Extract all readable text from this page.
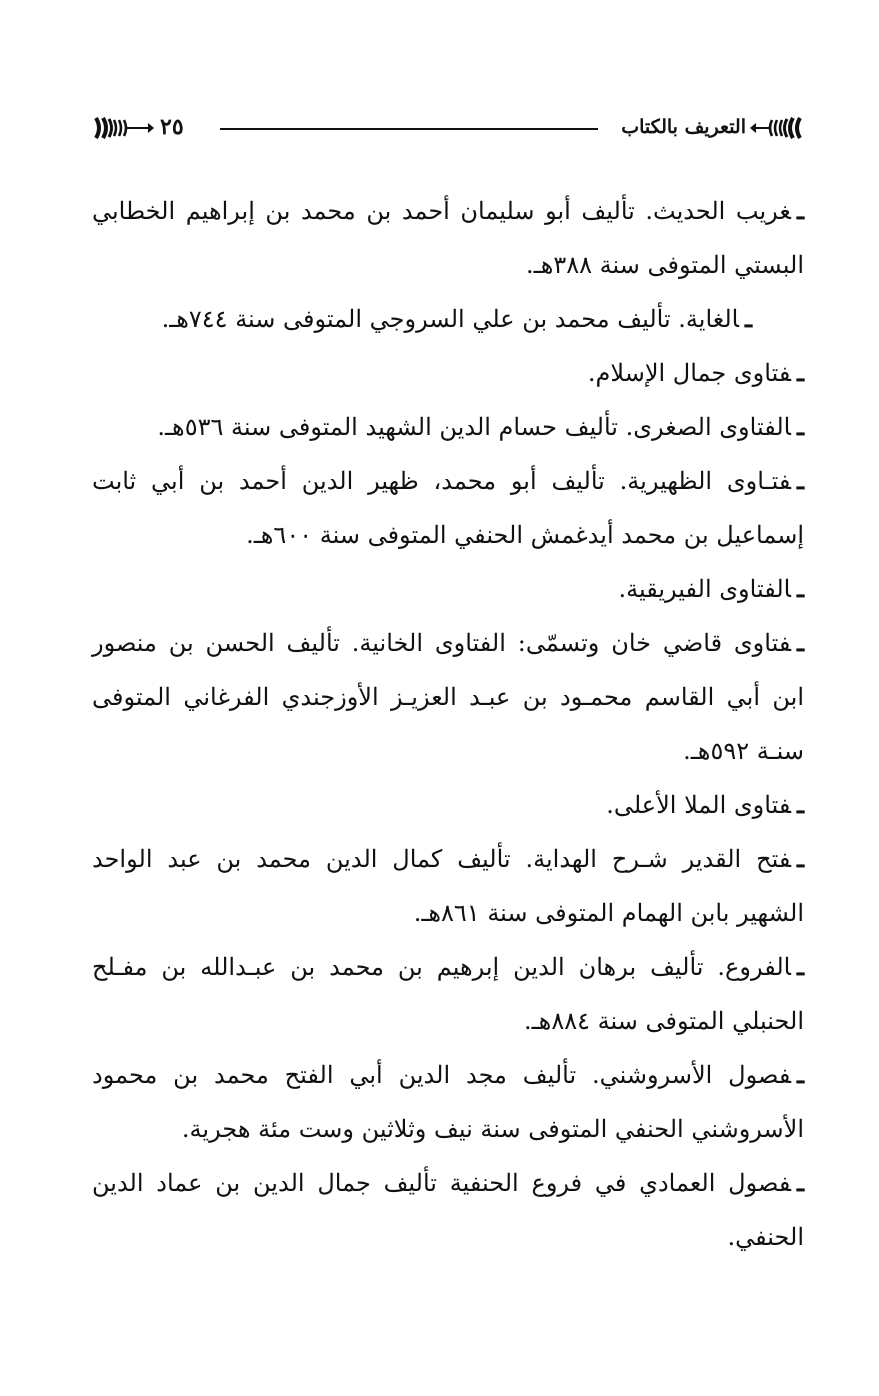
التعريف بالكتاب
٢٥

ـغريب الحديث. تأليف أبو سليمان أحمد بن محمد بن إبراهيم الخطابي البستي المتوفى سنة ٣٨٨هـ.

ـالغاية. تأليف محمد بن علي السروجي المتوفى سنة ٧٤٤هـ.

ـفتاوى جمال الإسلام.

ـالفتاوى الصغرى. تأليف حسام الدين الشهيد المتوفى سنة ٥٣٦هـ.

ـفتـاوى الظهيرية. تأليف أبو محمد، ظهير الدين أحمد بن أبي ثابت إسماعيل بن محمد أيدغمش الحنفي المتوفى سنة ٦٠٠هـ.

ـالفتاوى الفيريقية.

ـفتاوى قاضي خان وتسمّى: الفتاوى الخانية. تأليف الحسن بن منصور ابن أبي القاسم محمـود بن عبـد العزيـز الأوزجندي الفرغاني المتوفى سنـة ٥٩٢هـ.

ـفتاوى الملا الأعلى.

ـفتح القدير شـرح الهداية. تأليف كمال الدين محمد بن عبد الواحد الشهير بابن الهمام المتوفى سنة ٨٦١هـ.

ـالفروع. تأليف برهان الدين إبرهيم بن محمد بن عبـدالله بن مفـلح الحنبلي المتوفى سنة ٨٨٤هـ.

ـفصول الأسروشني. تأليف مجد الدين أبي الفتح محمد بن محمود الأسروشني الحنفي المتوفى سنة نيف وثلاثين وست مئة هجرية.

ـفصول العمادي في فروع الحنفية تأليف جمال الدين بن عماد الدين الحنفي.
